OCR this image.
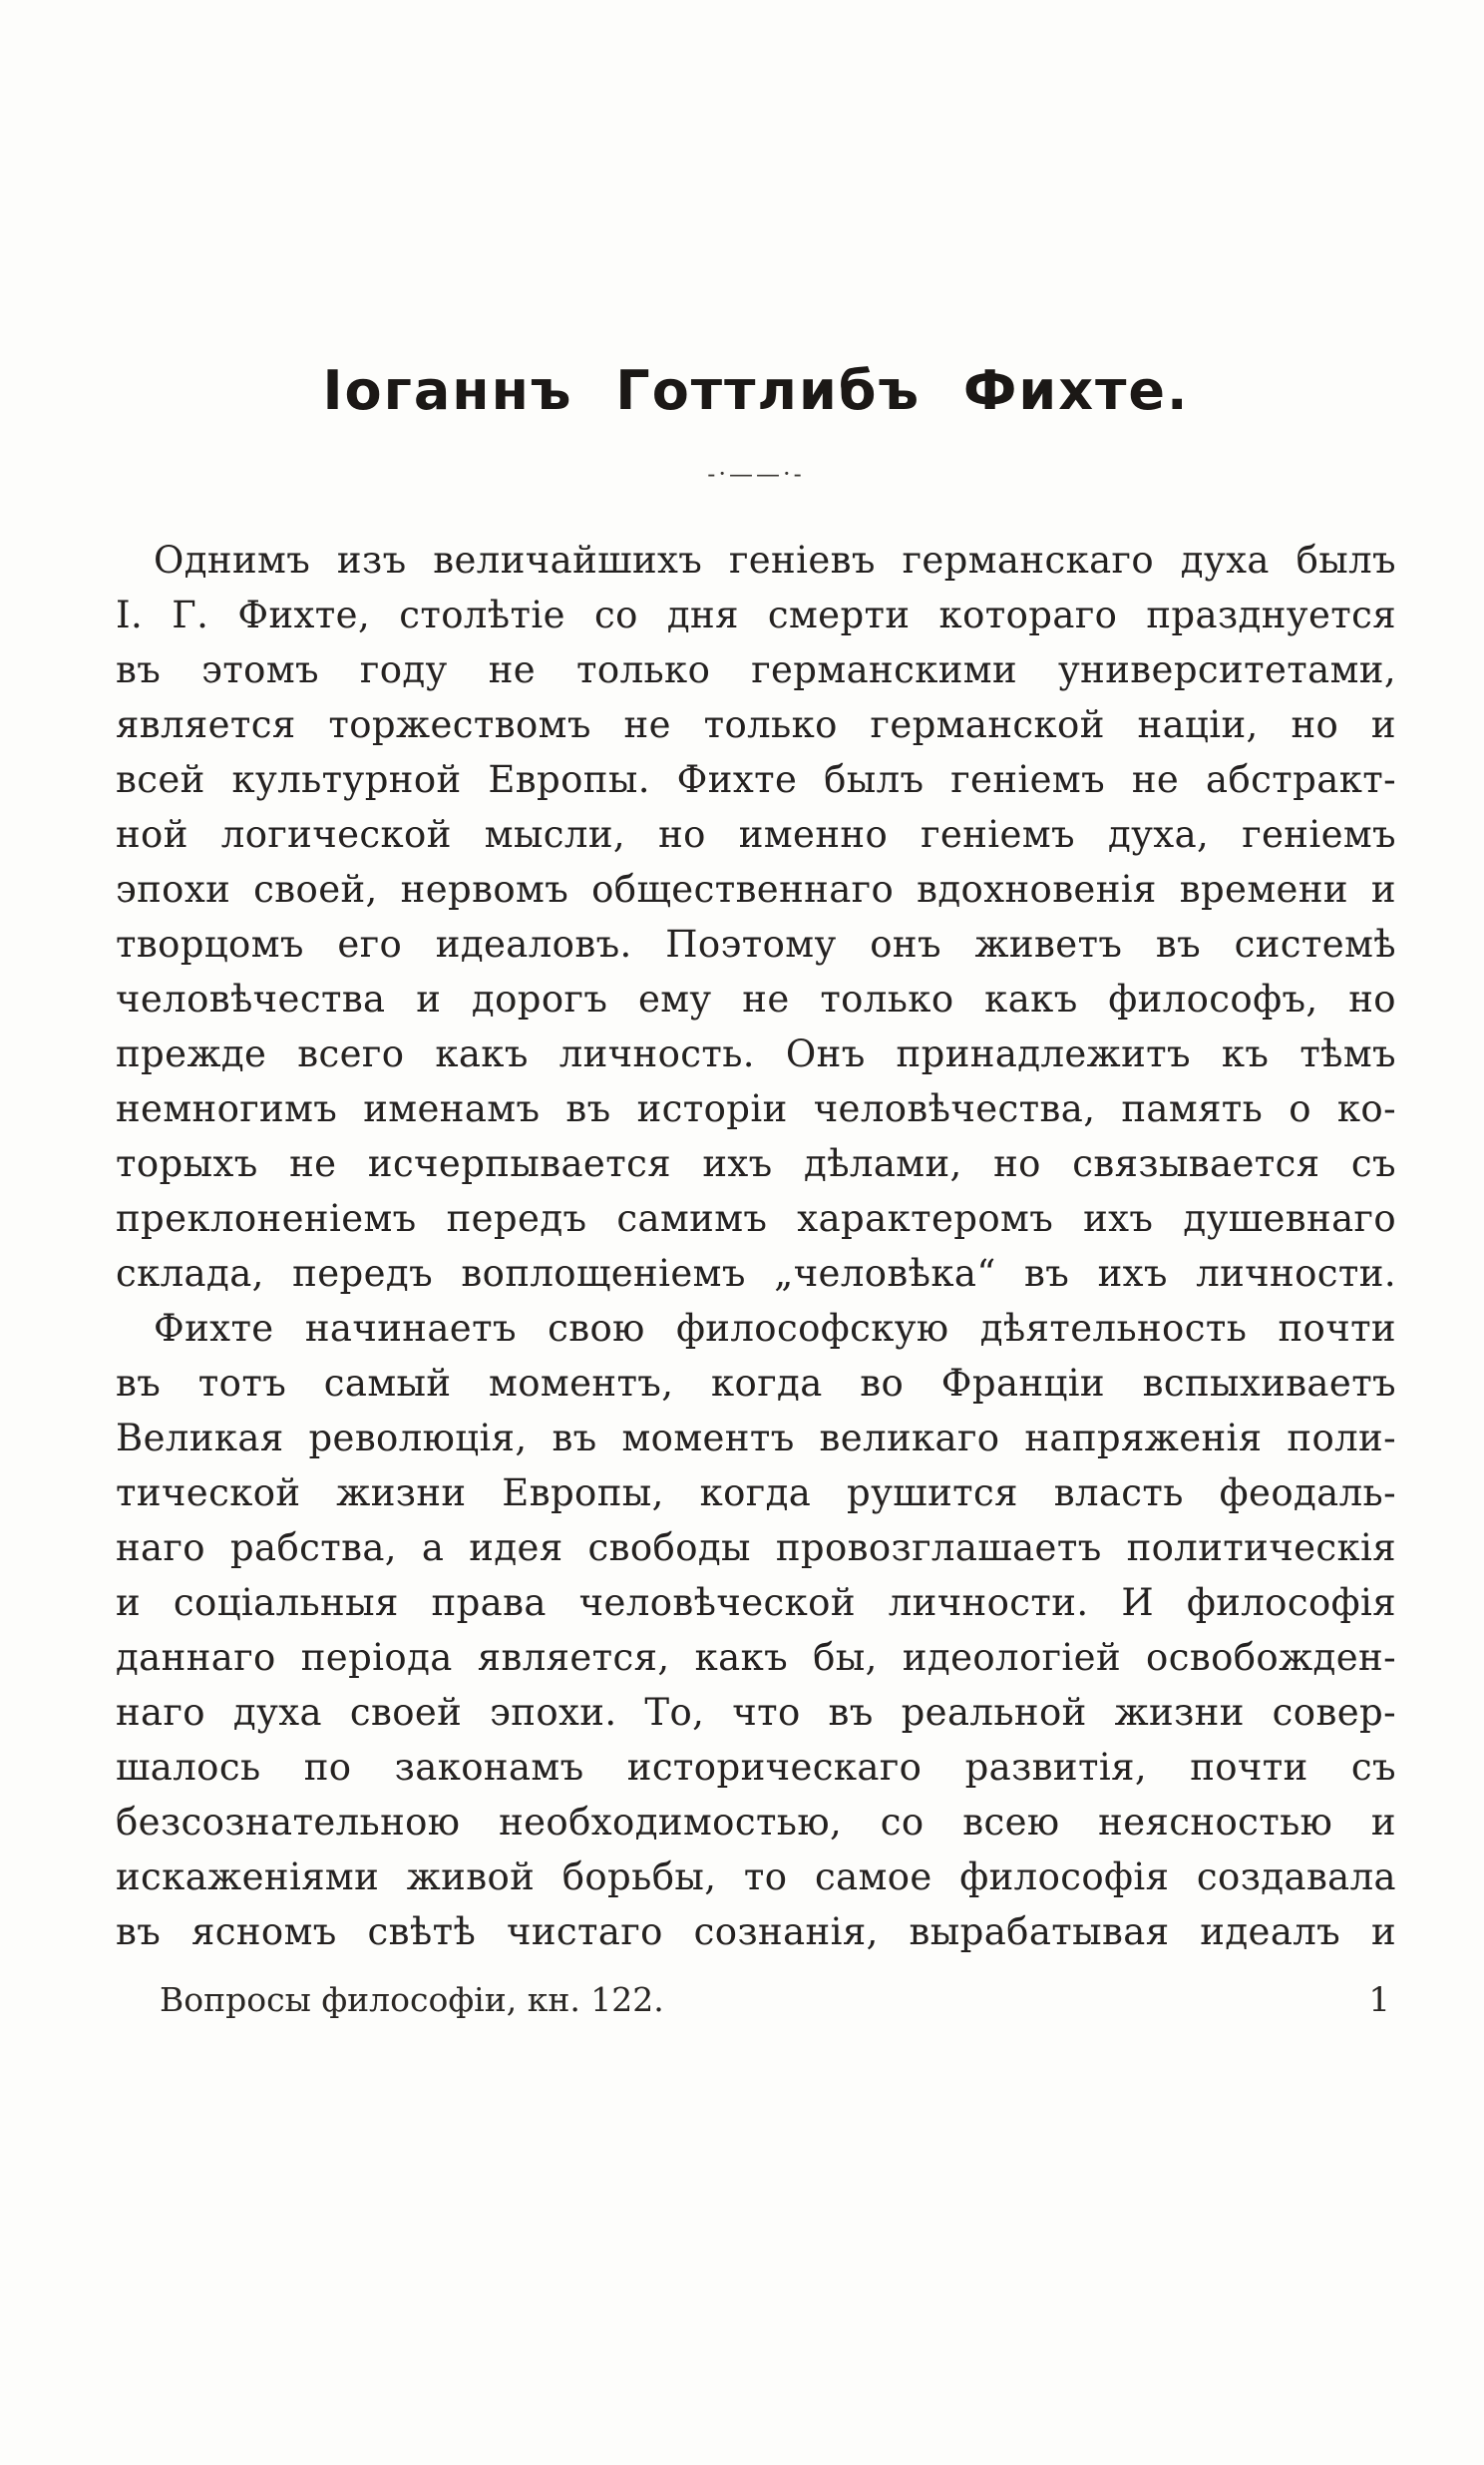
Іоганнъ Готтлибъ Фихте.
-·——·-
Однимъ изъ величайшихъ геніевъ германскаго духа былъ
І. Г. Фихте, столѣтіе со дня смерти котораго празднуется
въ этомъ году не только германскими университетами,
является торжествомъ не только германской націи, но и
всей культурной Европы. Фихте былъ геніемъ не абстракт-
ной логической мысли, но именно геніемъ духа, геніемъ
эпохи своей, нервомъ общественнаго вдохновенія времени и
творцомъ его идеаловъ. Поэтому онъ живетъ въ системѣ
человѣчества и дорогъ ему не только какъ философъ, но
прежде всего какъ личность. Онъ принадлежитъ къ тѣмъ
немногимъ именамъ въ исторіи человѣчества, память о ко-
торыхъ не исчерпывается ихъ дѣлами, но связывается съ
преклоненіемъ передъ самимъ характеромъ ихъ душевнаго
склада, передъ воплощеніемъ „человѣка“ въ ихъ личности.
Фихте начинаетъ свою философскую дѣятельность почти
въ тотъ самый моментъ, когда во Франціи вспыхиваетъ
Великая революція, въ моментъ великаго напряженія поли-
тической жизни Европы, когда рушится власть феодаль-
наго рабства, а идея свободы провозглашаетъ политическія
и соціальныя права человѣческой личности. И философія
даннаго періода является, какъ бы, идеологіей освобожден-
наго духа своей эпохи. То, что въ реальной жизни совер-
шалось по законамъ историческаго развитія, почти съ
безсознательною необходимостью, со всею неясностью и
искаженіями живой борьбы, то самое философія создавала
въ ясномъ свѣтѣ чистаго сознанія, вырабатывая идеалъ и
Вопросы философіи, кн. 122.	1
